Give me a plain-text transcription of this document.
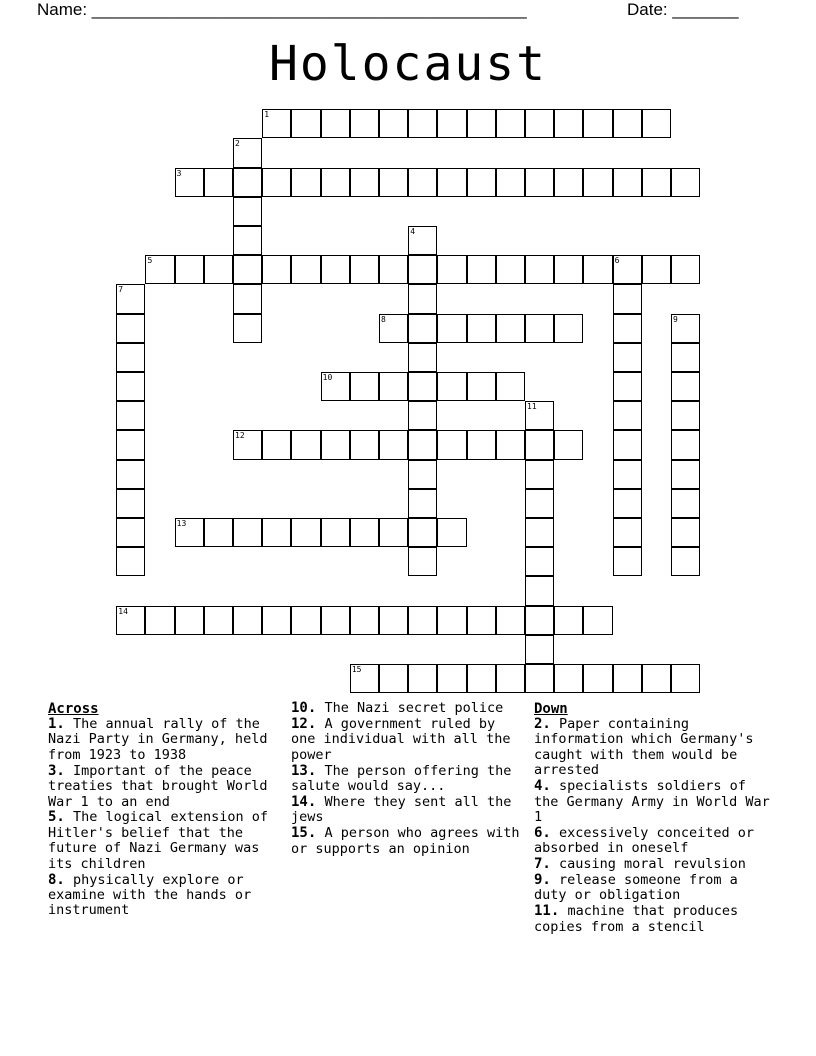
Name: ______________________________________________	Date: _______
Holocaust
1
2
3
4
5	6
7
8	9
10
11
12
13
14
15
Across
1. The annual rally of the Nazi Party in Germany, held from 1923 to 1938
3. Important of the peace treaties that brought World War 1 to an end
5. The logical extension of Hitler's belief that the future of Nazi Germany was its children
8. physically explore or examine with the hands or instrument
10. The Nazi secret police
12. A government ruled by one individual with all the power
13. The person offering the salute would say...
14. Where they sent all the jews
15. A person who agrees with or supports an opinion
Down
2. Paper containing information which Germany's caught with them would be arrested
4. specialists soldiers of the Germany Army in World War 1
6. excessively conceited or absorbed in oneself
7. causing moral revulsion
9. release someone from a duty or obligation
11. machine that produces copies from a stencil
